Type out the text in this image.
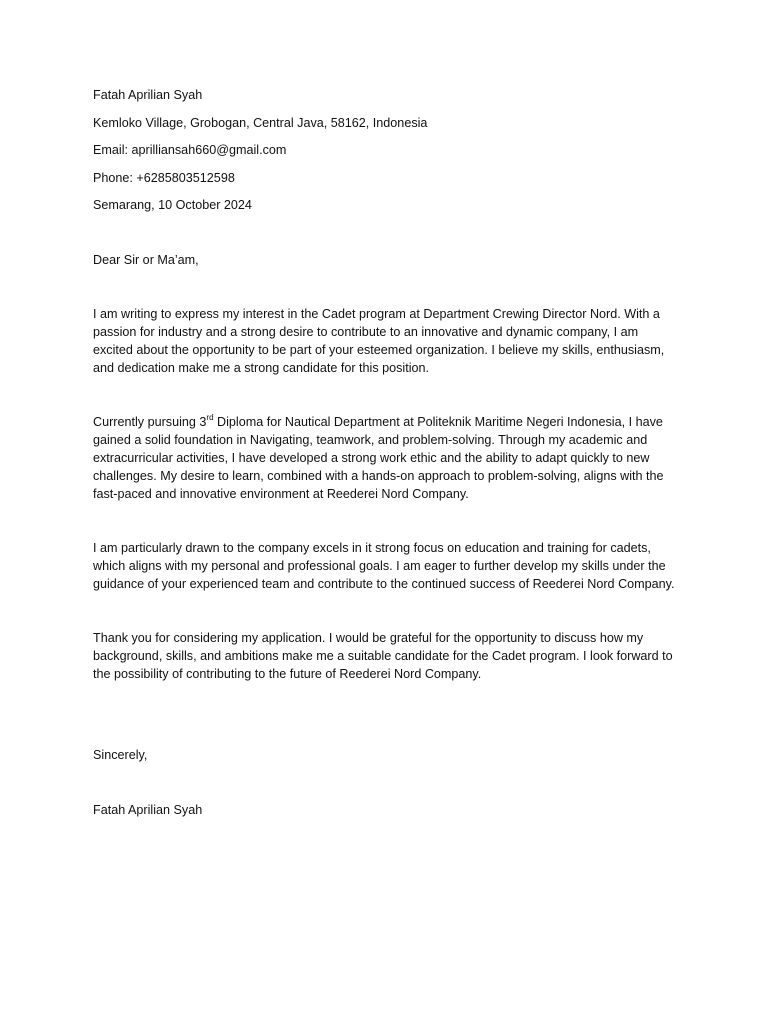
Fatah Aprilian Syah

Kemloko Village, Grobogan, Central Java, 58162, Indonesia

Email: aprilliansah660@gmail.com

Phone: +6285803512598

Semarang, 10 October 2024

Dear Sir or Ma’am,

I am writing to express my interest in the Cadet program at Department Crewing Director Nord. With a passion for industry and a strong desire to contribute to an innovative and dynamic company, I am excited about the opportunity to be part of your esteemed organization. I believe my skills, enthusiasm, and dedication make me a strong candidate for this position.

Currently pursuing 3rd Diploma for Nautical Department at Politeknik Maritime Negeri Indonesia, I have gained a solid foundation in Navigating, teamwork, and problem-solving. Through my academic and extracurricular activities, I have developed a strong work ethic and the ability to adapt quickly to new challenges. My desire to learn, combined with a hands-on approach to problem-solving, aligns with the fast-paced and innovative environment at Reederei Nord Company.

I am particularly drawn to the company excels in it strong focus on education and training for cadets, which aligns with my personal and professional goals. I am eager to further develop my skills under the guidance of your experienced team and contribute to the continued success of Reederei Nord Company.

Thank you for considering my application. I would be grateful for the opportunity to discuss how my background, skills, and ambitions make me a suitable candidate for the Cadet program. I look forward to the possibility of contributing to the future of Reederei Nord Company.

Sincerely,

Fatah Aprilian Syah
